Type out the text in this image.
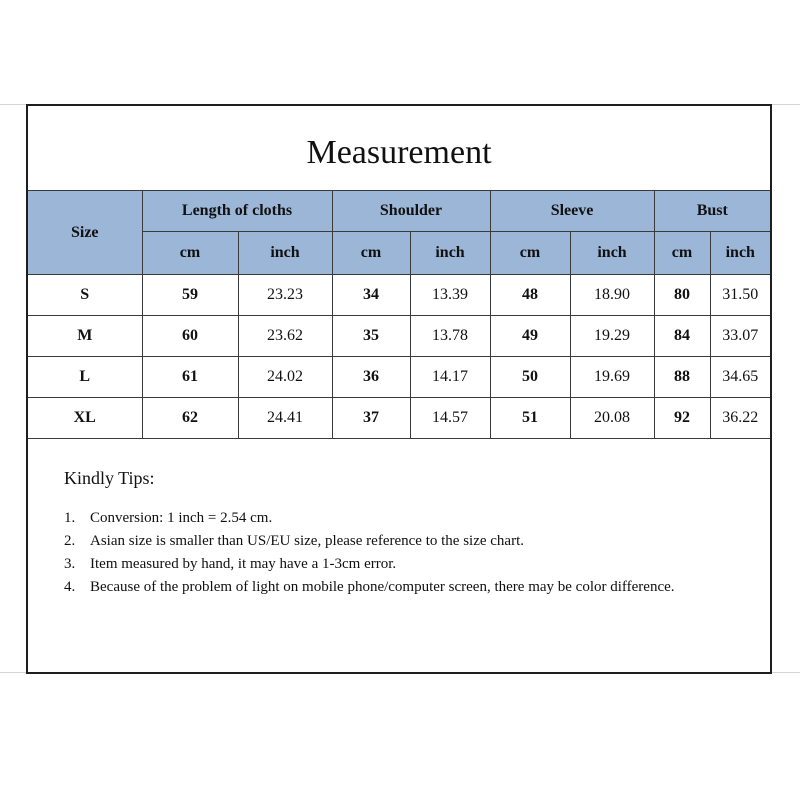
Measurement
Size	Length of cloths		Shoulder		Sleeve		Bust	
	cm	inch	cm	inch	cm	inch	cm	inch
S	59	23.23	34	13.39	48	18.90	80	31.50
M	60	23.62	35	13.78	49	19.29	84	33.07
L	61	24.02	36	14.17	50	19.69	88	34.65
XL	62	24.41	37	14.57	51	20.08	92	36.22

Kindly Tips:

1. Conversion: 1 inch = 2.54 cm.
2. Asian size is smaller than US/EU size, please reference to the size chart.
3. Item measured by hand, it may have a 1-3cm error.
4. Because of the problem of light on mobile phone/computer screen, there may be color difference.
